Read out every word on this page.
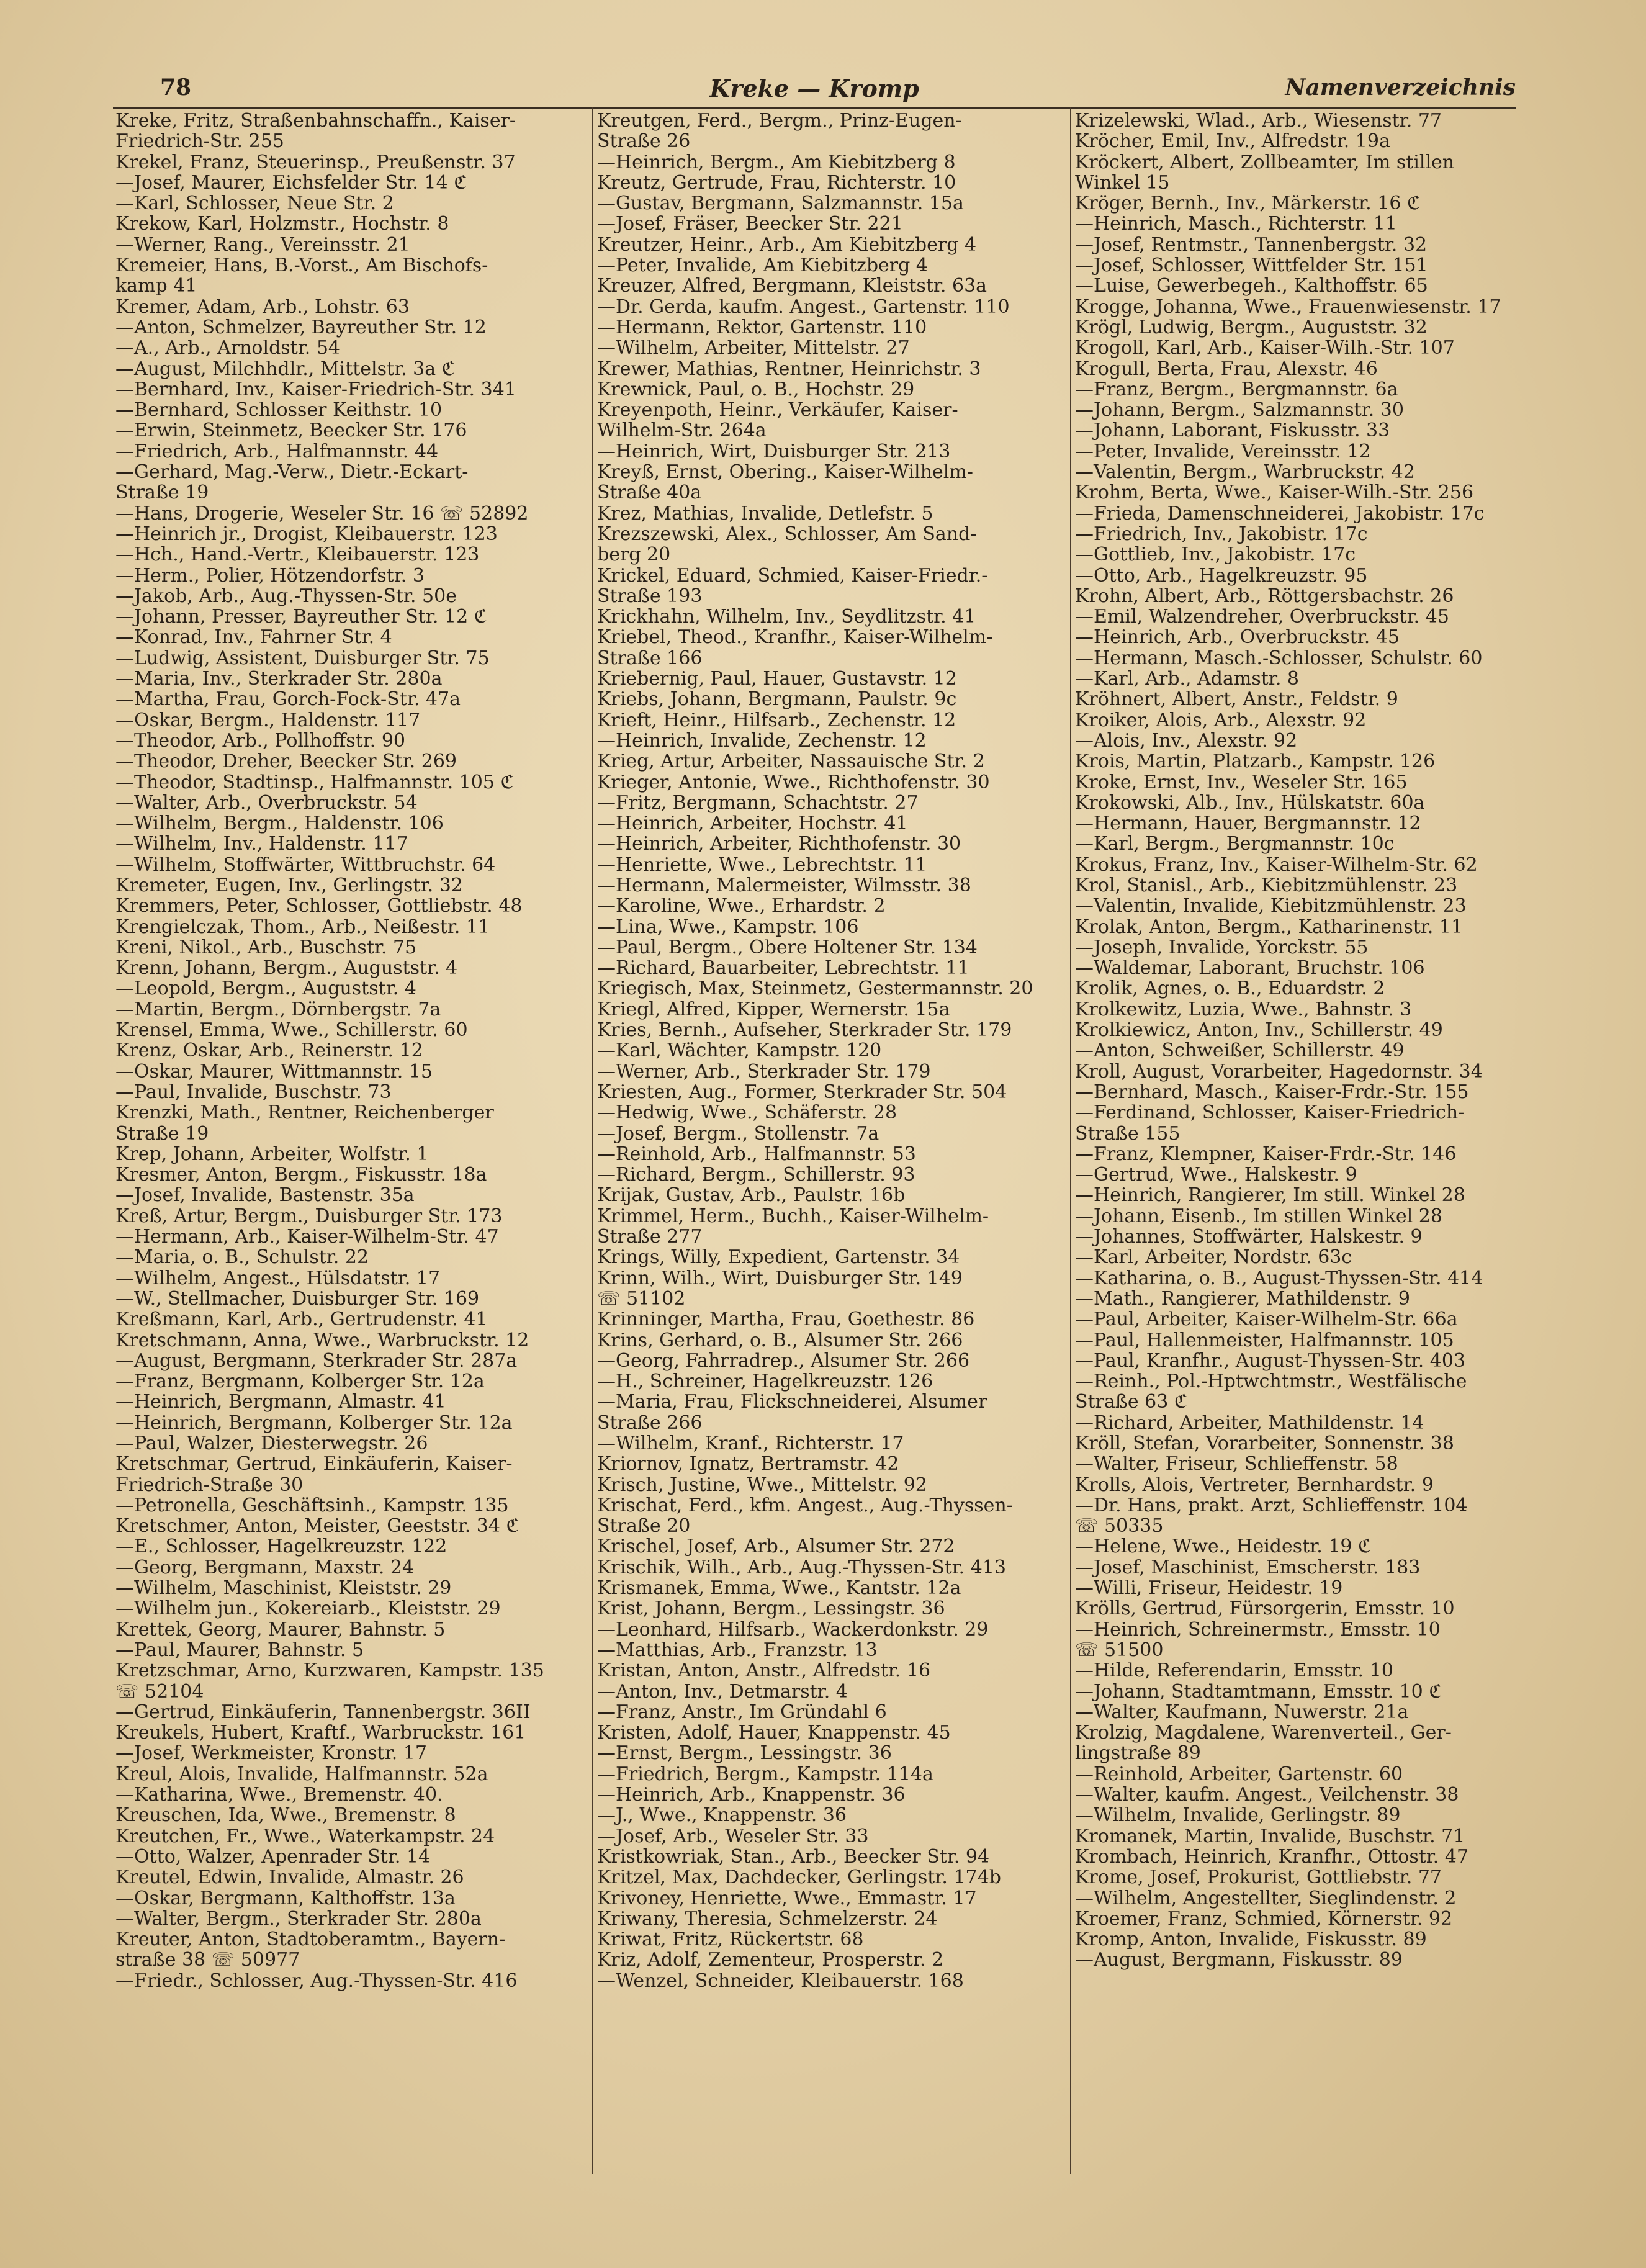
78	Kreke — Kromp	Namenverzeichnis
Kreke, Fritz, Straßenbahnschaffn., Kaiser-
Friedrich-Str. 255
Krekel, Franz, Steuerinsp., Preußenstr. 37
—Josef, Maurer, Eichsfelder Str. 14 ℭ
—Karl, Schlosser, Neue Str. 2
Krekow, Karl, Holzmstr., Hochstr. 8
—Werner, Rang., Vereinsstr. 21
Kremeier, Hans, B.-Vorst., Am Bischofs-
kamp 41
Kremer, Adam, Arb., Lohstr. 63
—Anton, Schmelzer, Bayreuther Str. 12
—A., Arb., Arnoldstr. 54
—August, Milchhdlr., Mittelstr. 3a ℭ
—Bernhard, Inv., Kaiser-Friedrich-Str. 341
—Bernhard, Schlosser Keithstr. 10
—Erwin, Steinmetz, Beecker Str. 176
—Friedrich, Arb., Halfmannstr. 44
—Gerhard, Mag.-Verw., Dietr.-Eckart-
Straße 19
—Hans, Drogerie, Weseler Str. 16 ☏ 52892
—Heinrich jr., Drogist, Kleibauerstr. 123
—Hch., Hand.-Vertr., Kleibauerstr. 123
—Herm., Polier, Hötzendorfstr. 3
—Jakob, Arb., Aug.-Thyssen-Str. 50e
—Johann, Presser, Bayreuther Str. 12 ℭ
—Konrad, Inv., Fahrner Str. 4
—Ludwig, Assistent, Duisburger Str. 75
—Maria, Inv., Sterkrader Str. 280a
—Martha, Frau, Gorch-Fock-Str. 47a
—Oskar, Bergm., Haldenstr. 117
—Theodor, Arb., Pollhoffstr. 90
—Theodor, Dreher, Beecker Str. 269
—Theodor, Stadtinsp., Halfmannstr. 105 ℭ
—Walter, Arb., Overbruckstr. 54
—Wilhelm, Bergm., Haldenstr. 106
—Wilhelm, Inv., Haldenstr. 117
—Wilhelm, Stoffwärter, Wittbruchstr. 64
Kremeter, Eugen, Inv., Gerlingstr. 32
Kremmers, Peter, Schlosser, Gottliebstr. 48
Krengielczak, Thom., Arb., Neißestr. 11
Kreni, Nikol., Arb., Buschstr. 75
Krenn, Johann, Bergm., Auguststr. 4
—Leopold, Bergm., Auguststr. 4
—Martin, Bergm., Dörnbergstr. 7a
Krensel, Emma, Wwe., Schillerstr. 60
Krenz, Oskar, Arb., Reinerstr. 12
—Oskar, Maurer, Wittmannstr. 15
—Paul, Invalide, Buschstr. 73
Krenzki, Math., Rentner, Reichenberger
Straße 19
Krep, Johann, Arbeiter, Wolfstr. 1
Kresmer, Anton, Bergm., Fiskusstr. 18a
—Josef, Invalide, Bastenstr. 35a
Kreß, Artur, Bergm., Duisburger Str. 173
—Hermann, Arb., Kaiser-Wilhelm-Str. 47
—Maria, o. B., Schulstr. 22
—Wilhelm, Angest., Hülsdatstr. 17
—W., Stellmacher, Duisburger Str. 169
Kreßmann, Karl, Arb., Gertrudenstr. 41
Kretschmann, Anna, Wwe., Warbruckstr. 12
—August, Bergmann, Sterkrader Str. 287a
—Franz, Bergmann, Kolberger Str. 12a
—Heinrich, Bergmann, Almastr. 41
—Heinrich, Bergmann, Kolberger Str. 12a
—Paul, Walzer, Diesterwegstr. 26
Kretschmar, Gertrud, Einkäuferin, Kaiser-
Friedrich-Straße 30
—Petronella, Geschäftsinh., Kampstr. 135
Kretschmer, Anton, Meister, Geeststr. 34 ℭ
—E., Schlosser, Hagelkreuzstr. 122
—Georg, Bergmann, Maxstr. 24
—Wilhelm, Maschinist, Kleiststr. 29
—Wilhelm jun., Kokereiarb., Kleiststr. 29
Krettek, Georg, Maurer, Bahnstr. 5
—Paul, Maurer, Bahnstr. 5
Kretzschmar, Arno, Kurzwaren, Kampstr. 135
☏ 52104
—Gertrud, Einkäuferin, Tannenbergstr. 36II
Kreukels, Hubert, Kraftf., Warbruckstr. 161
—Josef, Werkmeister, Kronstr. 17
Kreul, Alois, Invalide, Halfmannstr. 52a
—Katharina, Wwe., Bremenstr. 40.
Kreuschen, Ida, Wwe., Bremenstr. 8
Kreutchen, Fr., Wwe., Waterkampstr. 24
—Otto, Walzer, Apenrader Str. 14
Kreutel, Edwin, Invalide, Almastr. 26
—Oskar, Bergmann, Kalthoffstr. 13a
—Walter, Bergm., Sterkrader Str. 280a
Kreuter, Anton, Stadtoberamtm., Bayern-
straße 38 ☏ 50977
—Friedr., Schlosser, Aug.-Thyssen-Str. 416
Kreutgen, Ferd., Bergm., Prinz-Eugen-
Straße 26
—Heinrich, Bergm., Am Kiebitzberg 8
Kreutz, Gertrude, Frau, Richterstr. 10
—Gustav, Bergmann, Salzmannstr. 15a
—Josef, Fräser, Beecker Str. 221
Kreutzer, Heinr., Arb., Am Kiebitzberg 4
—Peter, Invalide, Am Kiebitzberg 4
Kreuzer, Alfred, Bergmann, Kleiststr. 63a
—Dr. Gerda, kaufm. Angest., Gartenstr. 110
—Hermann, Rektor, Gartenstr. 110
—Wilhelm, Arbeiter, Mittelstr. 27
Krewer, Mathias, Rentner, Heinrichstr. 3
Krewnick, Paul, o. B., Hochstr. 29
Kreyenpoth, Heinr., Verkäufer, Kaiser-
Wilhelm-Str. 264a
—Heinrich, Wirt, Duisburger Str. 213
Kreyß, Ernst, Obering., Kaiser-Wilhelm-
Straße 40a
Krez, Mathias, Invalide, Detlefstr. 5
Krezszewski, Alex., Schlosser, Am Sand-
berg 20
Krickel, Eduard, Schmied, Kaiser-Friedr.-
Straße 193
Krickhahn, Wilhelm, Inv., Seydlitzstr. 41
Kriebel, Theod., Kranfhr., Kaiser-Wilhelm-
Straße 166
Kriebernig, Paul, Hauer, Gustavstr. 12
Kriebs, Johann, Bergmann, Paulstr. 9c
Krieft, Heinr., Hilfsarb., Zechenstr. 12
—Heinrich, Invalide, Zechenstr. 12
Krieg, Artur, Arbeiter, Nassauische Str. 2
Krieger, Antonie, Wwe., Richthofenstr. 30
—Fritz, Bergmann, Schachtstr. 27
—Heinrich, Arbeiter, Hochstr. 41
—Heinrich, Arbeiter, Richthofenstr. 30
—Henriette, Wwe., Lebrechtstr. 11
—Hermann, Malermeister, Wilmsstr. 38
—Karoline, Wwe., Erhardstr. 2
—Lina, Wwe., Kampstr. 106
—Paul, Bergm., Obere Holtener Str. 134
—Richard, Bauarbeiter, Lebrechtstr. 11
Kriegisch, Max, Steinmetz, Gestermannstr. 20
Kriegl, Alfred, Kipper, Wernerstr. 15a
Kries, Bernh., Aufseher, Sterkrader Str. 179
—Karl, Wächter, Kampstr. 120
—Werner, Arb., Sterkrader Str. 179
Kriesten, Aug., Former, Sterkrader Str. 504
—Hedwig, Wwe., Schäferstr. 28
—Josef, Bergm., Stollenstr. 7a
—Reinhold, Arb., Halfmannstr. 53
—Richard, Bergm., Schillerstr. 93
Krijak, Gustav, Arb., Paulstr. 16b
Krimmel, Herm., Buchh., Kaiser-Wilhelm-
Straße 277
Krings, Willy, Expedient, Gartenstr. 34
Krinn, Wilh., Wirt, Duisburger Str. 149
☏ 51102
Krinninger, Martha, Frau, Goethestr. 86
Krins, Gerhard, o. B., Alsumer Str. 266
—Georg, Fahrradrep., Alsumer Str. 266
—H., Schreiner, Hagelkreuzstr. 126
—Maria, Frau, Flickschneiderei, Alsumer
Straße 266
—Wilhelm, Kranf., Richterstr. 17
Kriornov, Ignatz, Bertramstr. 42
Krisch, Justine, Wwe., Mittelstr. 92
Krischat, Ferd., kfm. Angest., Aug.-Thyssen-
Straße 20
Krischel, Josef, Arb., Alsumer Str. 272
Krischik, Wilh., Arb., Aug.-Thyssen-Str. 413
Krismanek, Emma, Wwe., Kantstr. 12a
Krist, Johann, Bergm., Lessingstr. 36
—Leonhard, Hilfsarb., Wackerdonkstr. 29
—Matthias, Arb., Franzstr. 13
Kristan, Anton, Anstr., Alfredstr. 16
—Anton, Inv., Detmarstr. 4
—Franz, Anstr., Im Gründahl 6
Kristen, Adolf, Hauer, Knappenstr. 45
—Ernst, Bergm., Lessingstr. 36
—Friedrich, Bergm., Kampstr. 114a
—Heinrich, Arb., Knappenstr. 36
—J., Wwe., Knappenstr. 36
—Josef, Arb., Weseler Str. 33
Kristkowriak, Stan., Arb., Beecker Str. 94
Kritzel, Max, Dachdecker, Gerlingstr. 174b
Krivoney, Henriette, Wwe., Emmastr. 17
Kriwany, Theresia, Schmelzerstr. 24
Kriwat, Fritz, Rückertstr. 68
Kriz, Adolf, Zementeur, Prosperstr. 2
—Wenzel, Schneider, Kleibauerstr. 168
Krizelewski, Wlad., Arb., Wiesenstr. 77
Kröcher, Emil, Inv., Alfredstr. 19a
Kröckert, Albert, Zollbeamter, Im stillen
Winkel 15
Kröger, Bernh., Inv., Märkerstr. 16 ℭ
—Heinrich, Masch., Richterstr. 11
—Josef, Rentmstr., Tannenbergstr. 32
—Josef, Schlosser, Wittfelder Str. 151
—Luise, Gewerbegeh., Kalthoffstr. 65
Krogge, Johanna, Wwe., Frauenwiesenstr. 17
Krögl, Ludwig, Bergm., Auguststr. 32
Krogoll, Karl, Arb., Kaiser-Wilh.-Str. 107
Krogull, Berta, Frau, Alexstr. 46
—Franz, Bergm., Bergmannstr. 6a
—Johann, Bergm., Salzmannstr. 30
—Johann, Laborant, Fiskusstr. 33
—Peter, Invalide, Vereinsstr. 12
—Valentin, Bergm., Warbruckstr. 42
Krohm, Berta, Wwe., Kaiser-Wilh.-Str. 256
—Frieda, Damenschneiderei, Jakobistr. 17c
—Friedrich, Inv., Jakobistr. 17c
—Gottlieb, Inv., Jakobistr. 17c
—Otto, Arb., Hagelkreuzstr. 95
Krohn, Albert, Arb., Röttgersbachstr. 26
—Emil, Walzendreher, Overbruckstr. 45
—Heinrich, Arb., Overbruckstr. 45
—Hermann, Masch.-Schlosser, Schulstr. 60
—Karl, Arb., Adamstr. 8
Kröhnert, Albert, Anstr., Feldstr. 9
Kroiker, Alois, Arb., Alexstr. 92
—Alois, Inv., Alexstr. 92
Krois, Martin, Platzarb., Kampstr. 126
Kroke, Ernst, Inv., Weseler Str. 165
Krokowski, Alb., Inv., Hülskatstr. 60a
—Hermann, Hauer, Bergmannstr. 12
—Karl, Bergm., Bergmannstr. 10c
Krokus, Franz, Inv., Kaiser-Wilhelm-Str. 62
Krol, Stanisl., Arb., Kiebitzmühlenstr. 23
—Valentin, Invalide, Kiebitzmühlenstr. 23
Krolak, Anton, Bergm., Katharinenstr. 11
—Joseph, Invalide, Yorckstr. 55
—Waldemar, Laborant, Bruchstr. 106
Krolik, Agnes, o. B., Eduardstr. 2
Krolkewitz, Luzia, Wwe., Bahnstr. 3
Krolkiewicz, Anton, Inv., Schillerstr. 49
—Anton, Schweißer, Schillerstr. 49
Kroll, August, Vorarbeiter, Hagedornstr. 34
—Bernhard, Masch., Kaiser-Frdr.-Str. 155
—Ferdinand, Schlosser, Kaiser-Friedrich-
Straße 155
—Franz, Klempner, Kaiser-Frdr.-Str. 146
—Gertrud, Wwe., Halskestr. 9
—Heinrich, Rangierer, Im still. Winkel 28
—Johann, Eisenb., Im stillen Winkel 28
—Johannes, Stoffwärter, Halskestr. 9
—Karl, Arbeiter, Nordstr. 63c
—Katharina, o. B., August-Thyssen-Str. 414
—Math., Rangierer, Mathildenstr. 9
—Paul, Arbeiter, Kaiser-Wilhelm-Str. 66a
—Paul, Hallenmeister, Halfmannstr. 105
—Paul, Kranfhr., August-Thyssen-Str. 403
—Reinh., Pol.-Hptwchtmstr., Westfälische
Straße 63 ℭ
—Richard, Arbeiter, Mathildenstr. 14
Kröll, Stefan, Vorarbeiter, Sonnenstr. 38
—Walter, Friseur, Schlieffenstr. 58
Krolls, Alois, Vertreter, Bernhardstr. 9
—Dr. Hans, prakt. Arzt, Schlieffenstr. 104
☏ 50335
—Helene, Wwe., Heidestr. 19 ℭ
—Josef, Maschinist, Emscherstr. 183
—Willi, Friseur, Heidestr. 19
Krölls, Gertrud, Fürsorgerin, Emsstr. 10
—Heinrich, Schreinermstr., Emsstr. 10
☏ 51500
—Hilde, Referendarin, Emsstr. 10
—Johann, Stadtamtmann, Emsstr. 10 ℭ
—Walter, Kaufmann, Nuwerstr. 21a
Krolzig, Magdalene, Warenverteil., Ger-
lingstraße 89
—Reinhold, Arbeiter, Gartenstr. 60
—Walter, kaufm. Angest., Veilchenstr. 38
—Wilhelm, Invalide, Gerlingstr. 89
Kromanek, Martin, Invalide, Buschstr. 71
Krombach, Heinrich, Kranfhr., Ottostr. 47
Krome, Josef, Prokurist, Gottliebstr. 77
—Wilhelm, Angestellter, Sieglindenstr. 2
Kroemer, Franz, Schmied, Körnerstr. 92
Kromp, Anton, Invalide, Fiskusstr. 89
—August, Bergmann, Fiskusstr. 89
